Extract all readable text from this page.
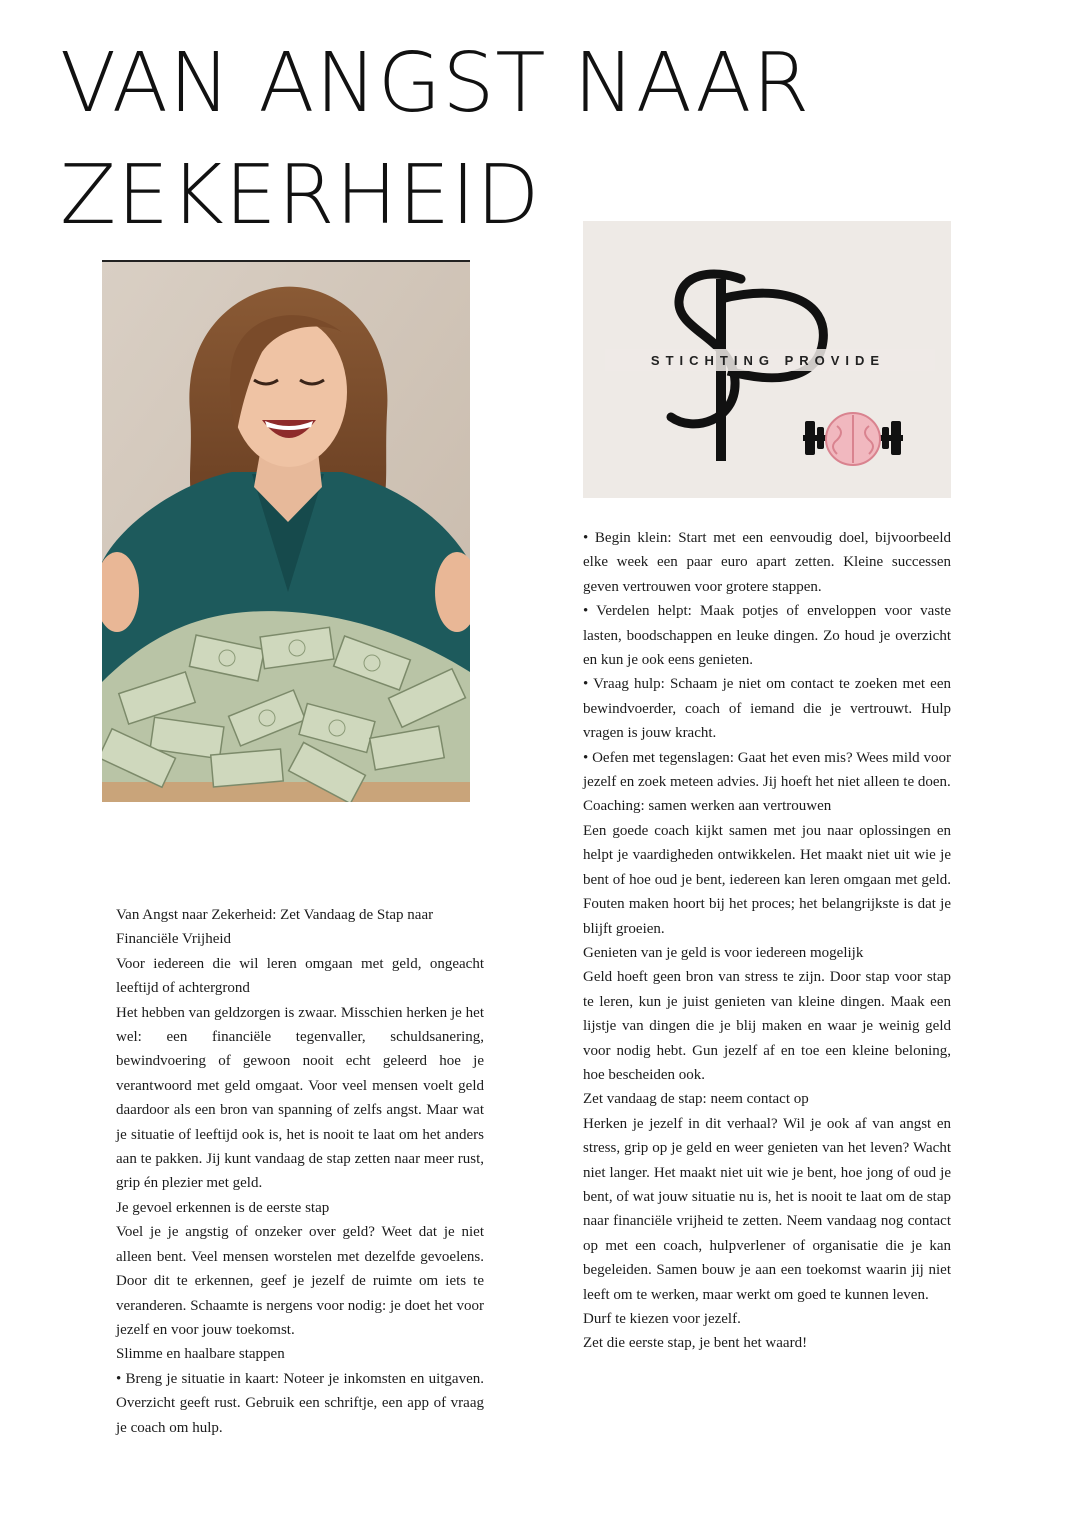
VAN ANGST NAAR
ZEKERHEID
STICHTING PROVIDE

Van Angst naar Zekerheid: Zet Vandaag de Stap naar Financiële Vrijheid

Voor iedereen die wil leren omgaan met geld, ongeacht leeftijd of achtergrond

Het hebben van geldzorgen is zwaar. Misschien herken je het wel: een financiële tegenvaller, schuldsanering, bewindvoering of gewoon nooit echt geleerd hoe je verantwoord met geld omgaat. Voor veel mensen voelt geld daardoor als een bron van spanning of zelfs angst. Maar wat je situatie of leeftijd ook is, het is nooit te laat om het anders aan te pakken. Jij kunt vandaag de stap zetten naar meer rust, grip én plezier met geld.

Je gevoel erkennen is de eerste stap

Voel je je angstig of onzeker over geld? Weet dat je niet alleen bent. Veel mensen worstelen met dezelfde gevoelens. Door dit te erkennen, geef je jezelf de ruimte om iets te veranderen. Schaamte is nergens voor nodig: je doet het voor jezelf en voor jouw toekomst.

Slimme en haalbare stappen

• Breng je situatie in kaart: Noteer je inkomsten en uitgaven. Overzicht geeft rust. Gebruik een schriftje, een app of vraag je coach om hulp.

• Begin klein: Start met een eenvoudig doel, bijvoorbeeld elke week een paar euro apart zetten. Kleine successen geven vertrouwen voor grotere stappen.

• Verdelen helpt: Maak potjes of enveloppen voor vaste lasten, boodschappen en leuke dingen. Zo houd je overzicht en kun je ook eens genieten.

• Vraag hulp: Schaam je niet om contact te zoeken met een bewindvoerder, coach of iemand die je vertrouwt. Hulp vragen is jouw kracht.

• Oefen met tegenslagen: Gaat het even mis? Wees mild voor jezelf en zoek meteen advies. Jij hoeft het niet alleen te doen.

Coaching: samen werken aan vertrouwen

Een goede coach kijkt samen met jou naar oplossingen en helpt je vaardigheden ontwikkelen. Het maakt niet uit wie je bent of hoe oud je bent, iedereen kan leren omgaan met geld. Fouten maken hoort bij het proces; het belangrijkste is dat je blijft groeien.

Genieten van je geld is voor iedereen mogelijk

Geld hoeft geen bron van stress te zijn. Door stap voor stap te leren, kun je juist genieten van kleine dingen. Maak een lijstje van dingen die je blij maken en waar je weinig geld voor nodig hebt. Gun jezelf af en toe een kleine beloning, hoe bescheiden ook.

Zet vandaag de stap: neem contact op

Herken je jezelf in dit verhaal? Wil je ook af van angst en stress, grip op je geld en weer genieten van het leven? Wacht niet langer. Het maakt niet uit wie je bent, hoe jong of oud je bent, of wat jouw situatie nu is, het is nooit te laat om de stap naar financiële vrijheid te zetten. Neem vandaag nog contact op met een coach, hulpverlener of organisatie die je kan begeleiden. Samen bouw je aan een toekomst waarin jij niet leeft om te werken, maar werkt om goed te kunnen leven.

Durf te kiezen voor jezelf.

Zet die eerste stap, je bent het waard!
